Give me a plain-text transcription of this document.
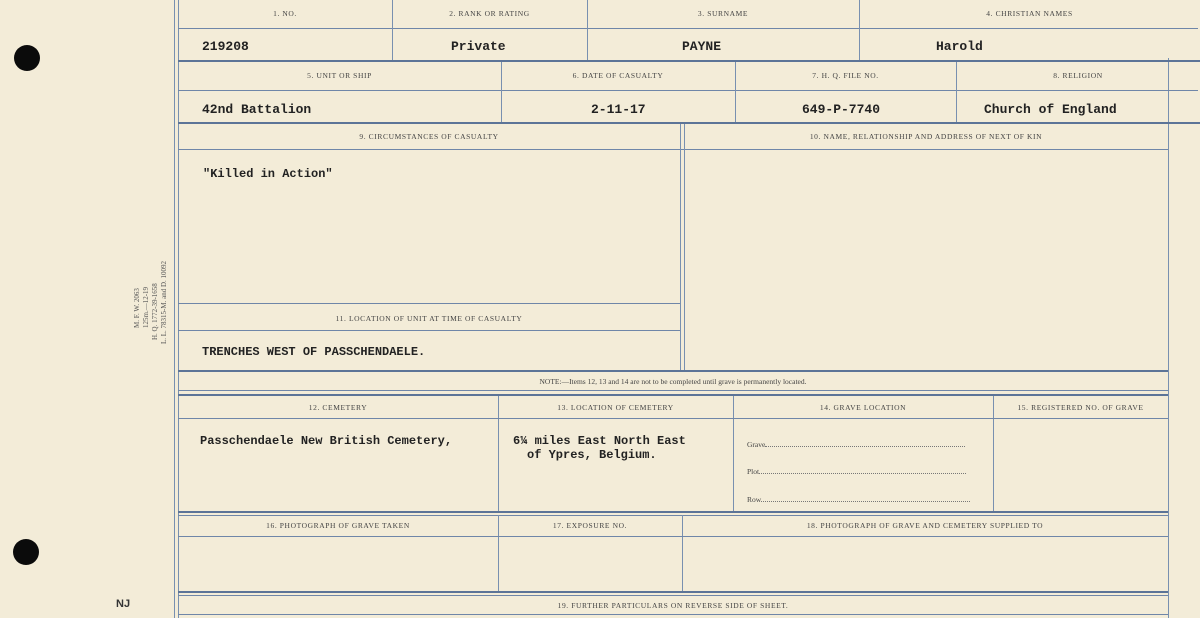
M. F. W. 2063 125m.—12-19 H. Q. 1772-39-1658 L. L. 78315-M. and D. 10092
NJ
1. NO.	2. RANK OR RATING	3. SURNAME	4. CHRISTIAN NAMES
219208	Private	PAYNE	Harold
5. UNIT OR SHIP	6. DATE OF CASUALTY	7. H. Q. FILE NO.	8. RELIGION
42nd Battalion	2-11-17	649-P-7740	Church of England
9. CIRCUMSTANCES OF CASUALTY	10. NAME, RELATIONSHIP AND ADDRESS OF NEXT OF KIN
"Killed in Action"
11. LOCATION OF UNIT AT TIME OF CASUALTY
TRENCHES WEST OF PASSCHENDAELE.
NOTE:—Items 12, 13 and 14 are not to be completed until grave is permanently located.
12. CEMETERY	13. LOCATION OF CEMETERY	14. GRAVE LOCATION	15. REGISTERED NO. OF GRAVE
Passchendaele New British Cemetery,	6¼ miles East North East
of Ypres, Belgium.
Grave
Plot
Row
16. PHOTOGRAPH OF GRAVE TAKEN	17. EXPOSURE NO.	18. PHOTOGRAPH OF GRAVE AND CEMETERY SUPPLIED TO
19. FURTHER PARTICULARS ON REVERSE SIDE OF SHEET.
